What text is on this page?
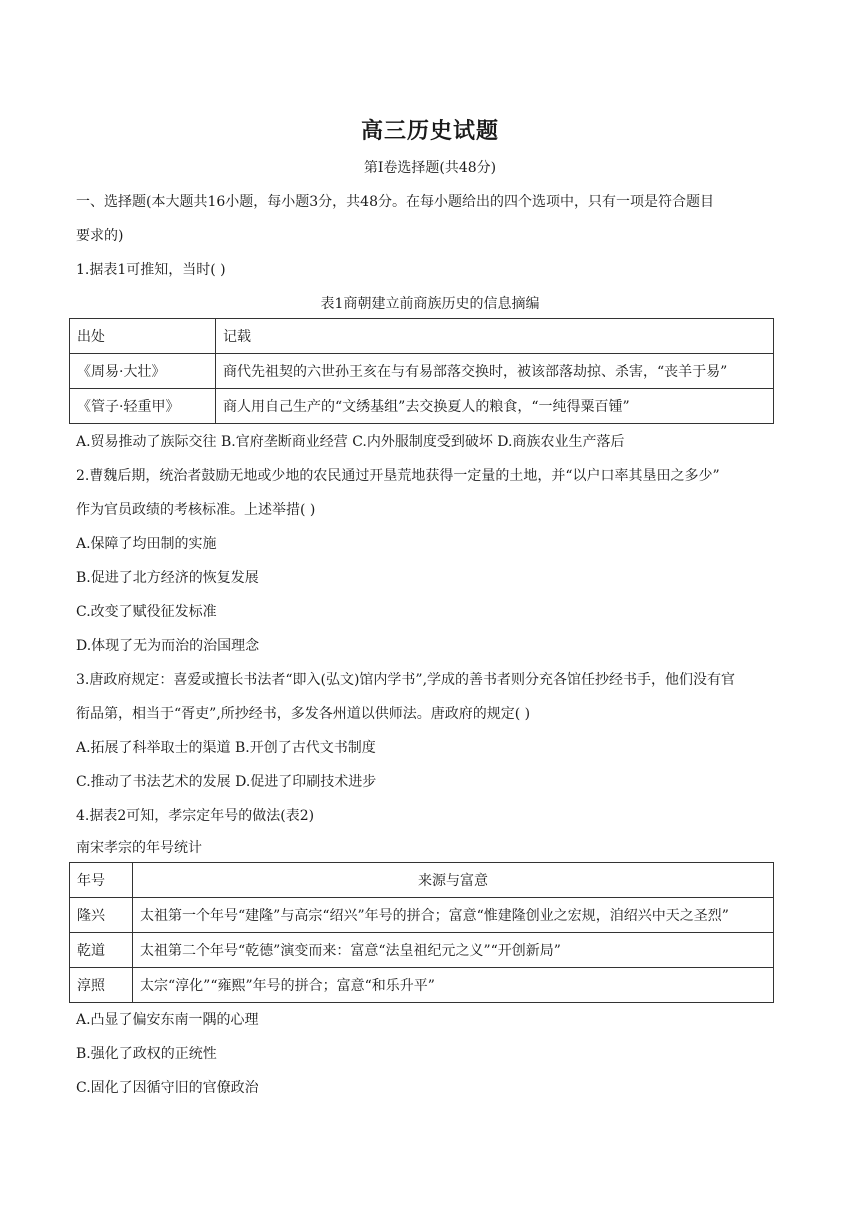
高三历史试题
第Ⅰ卷选择题(共48分)
一、选择题(本大题共16小题，每小题3分，共48分。在每小题给出的四个选项中，只有一项是符合题目
要求的)
1.据表1可推知，当时( )
表1商朝建立前商族历史的信息摘编
出处	记载
《周易·大壮》	商代先祖契的六世孙王亥在与有易部落交换时，被该部落劫掠、杀害，“丧羊于易”
《管子·轻重甲》	商人用自己生产的“文绣基组”去交换夏人的粮食，“一纯得粟百锺”
A.贸易推动了族际交往 B.官府垄断商业经营 C.内外服制度受到破坏 D.商族农业生产落后
2.曹魏后期，统治者鼓励无地或少地的农民通过开垦荒地获得一定量的土地，并“以户口率其垦田之多少”
作为官员政绩的考核标准。上述举措( )
A.保障了均田制的实施
B.促进了北方经济的恢复发展
C.改变了赋役征发标准
D.体现了无为而治的治国理念
3.唐政府规定：喜爱或擅长书法者“即入(弘文)馆内学书”,学成的善书者则分充各馆任抄经书手，他们没有官
衔品第，相当于“胥吏”,所抄经书，多发各州道以供师法。唐政府的规定( )
A.拓展了科举取士的渠道 B.开创了古代文书制度
C.推动了书法艺术的发展 D.促进了印刷技术进步
4.据表2可知，孝宗定年号的做法(表2)
南宋孝宗的年号统计
年号	来源与富意
隆兴	太祖第一个年号“建隆”与高宗“绍兴”年号的拼合；富意“惟建隆创业之宏规，洎绍兴中天之圣烈”
乾道	太祖第二个年号“乾德”演变而来：富意“法皇祖纪元之义”“开创新局”
淳照	太宗“淳化”“雍熙”年号的拼合；富意“和乐升平”
A.凸显了偏安东南一隅的心理
B.强化了政权的正统性
C.固化了因循守旧的官僚政治
